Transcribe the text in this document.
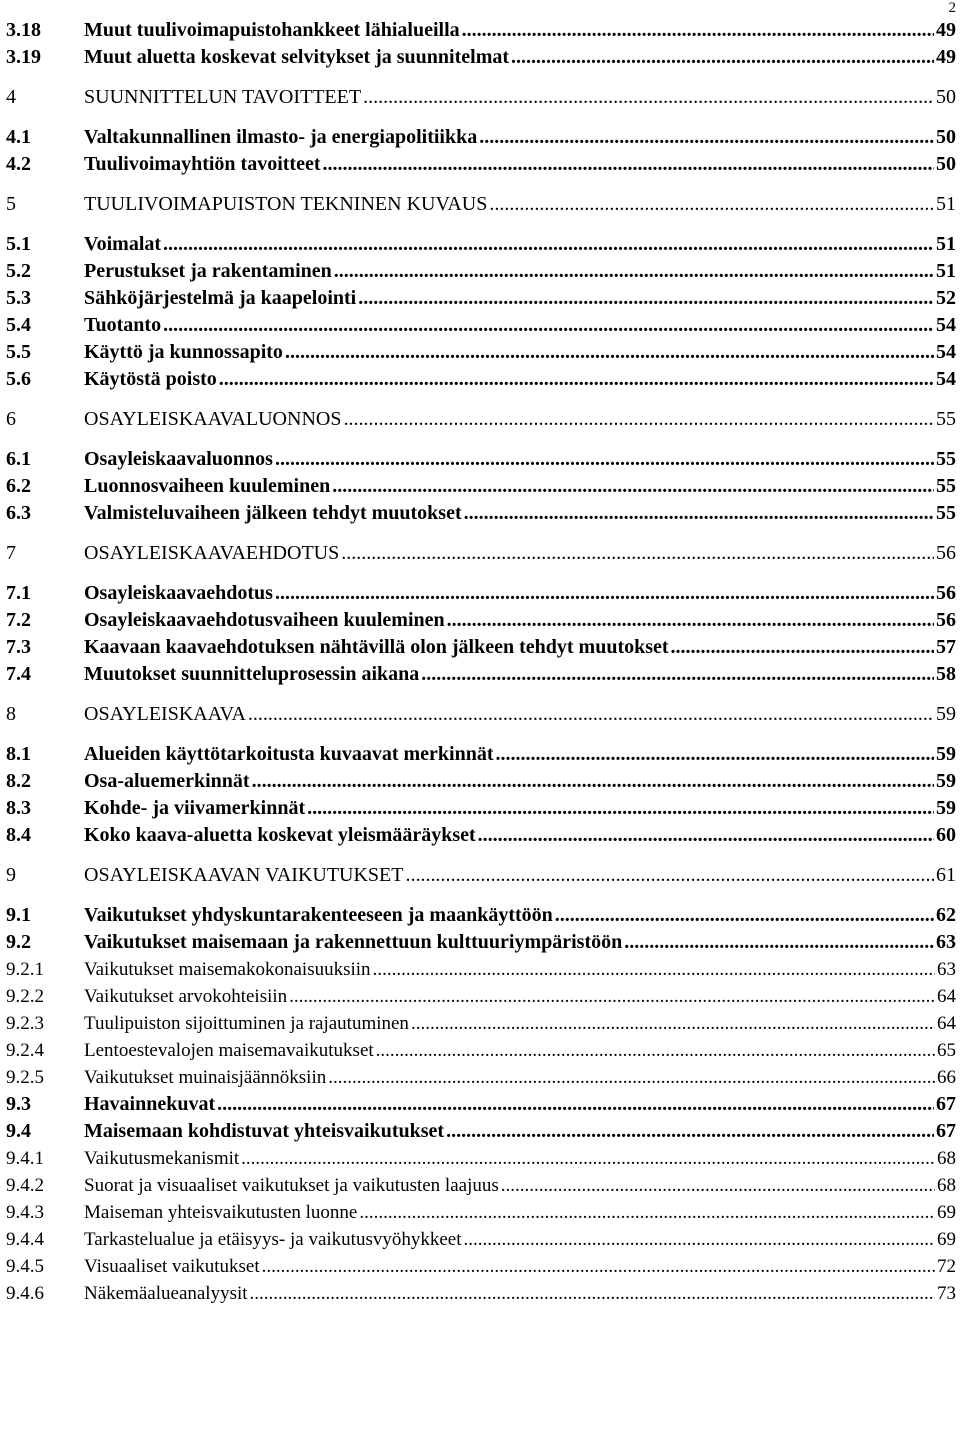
2
3.18	Muut tuulivoimapuistohankkeet lähialueilla .....	49
3.19	Muut aluetta koskevat selvitykset ja suunnitelmat .....	49
4	SUUNNITTELUN TAVOITTEET .....	50
4.1	Valtakunnallinen ilmasto- ja energiapolitiikka .....	50
4.2	Tuulivoimayhtiön tavoitteet .....	50
5	TUULIVOIMAPUISTON TEKNINEN KUVAUS .....	51
5.1	Voimalat .....	51
5.2	Perustukset ja rakentaminen .....	51
5.3	Sähköjärjestelmä ja kaapelointi .....	52
5.4	Tuotanto .....	54
5.5	Käyttö ja kunnossapito .....	54
5.6	Käytöstä poisto .....	54
6	OSAYLEISKAAVALUONNOS .....	55
6.1	Osayleiskaavaluonnos .....	55
6.2	Luonnosvaiheen kuuleminen .....	55
6.3	Valmisteluvaiheen jälkeen tehdyt muutokset .....	55
7	OSAYLEISKAAVAEHDOTUS .....	56
7.1	Osayleiskaavaehdotus .....	56
7.2	Osayleiskaavaehdotusvaiheen kuuleminen .....	56
7.3	Kaavaan kaavaehdotuksen nähtävillä olon jälkeen tehdyt muutokset .....	57
7.4	Muutokset suunnitteluprosessin aikana .....	58
8	OSAYLEISKAAVA .....	59
8.1	Alueiden käyttötarkoitusta kuvaavat merkinnät .....	59
8.2	Osa-aluemerkinnät .....	59
8.3	Kohde- ja viivamerkinnät .....	59
8.4	Koko kaava-aluetta koskevat yleismääräykset .....	60
9	OSAYLEISKAAVAN VAIKUTUKSET .....	61
9.1	Vaikutukset yhdyskuntarakenteeseen ja maankäyttöön .....	62
9.2	Vaikutukset maisemaan ja rakennettuun kulttuuriympäristöön .....	63
9.2.1	Vaikutukset maisemakokonaisuuksiin .....	63
9.2.2	Vaikutukset arvokohteisiin .....	64
9.2.3	Tuulipuiston sijoittuminen ja rajautuminen .....	64
9.2.4	Lentoestevalojen maisemavaikutukset .....	65
9.2.5	Vaikutukset muinaisjäännöksiin .....	66
9.3	Havainnekuvat .....	67
9.4	Maisemaan kohdistuvat yhteisvaikutukset .....	67
9.4.1	Vaikutusmekanismit .....	68
9.4.2	Suorat ja visuaaliset vaikutukset ja vaikutusten laajuus .....	68
9.4.3	Maiseman yhteisvaikutusten luonne .....	69
9.4.4	Tarkastelualue ja etäisyys- ja vaikutusvyöhykkeet .....	69
9.4.5	Visuaaliset vaikutukset .....	72
9.4.6	Näkemäalueanalyysit .....	73
